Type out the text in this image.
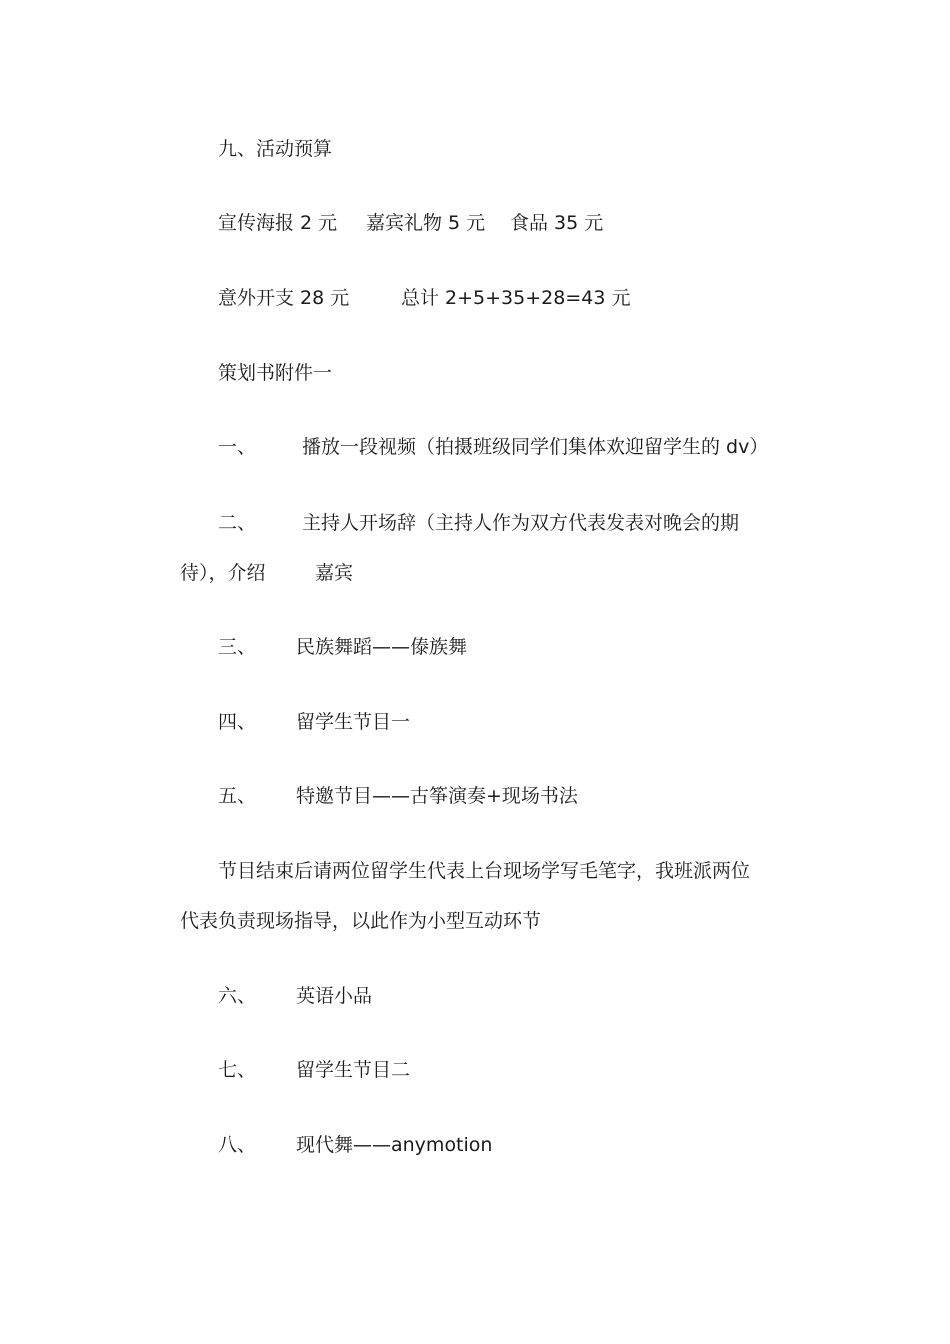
九、活动预算
宣传海报 2 元 嘉宾礼物 5 元 食品 35 元
意外开支 28 元	总计 2+5+35+28=43 元
策划书附件一
一、 播放一段视频（拍摄班级同学们集体欢迎留学生的 dv）
二、 主持人开场辞（主持人作为双方代表发表对晚会的期
待），介绍	嘉宾
三、 民族舞蹈——傣族舞
四、 留学生节目一
五、 特邀节目——古筝演奏+现场书法
节目结束后请两位留学生代表上台现场学写毛笔字，我班派两位
代表负责现场指导，以此作为小型互动环节
六、 英语小品
七、 留学生节目二
八、 现代舞——anymotion
